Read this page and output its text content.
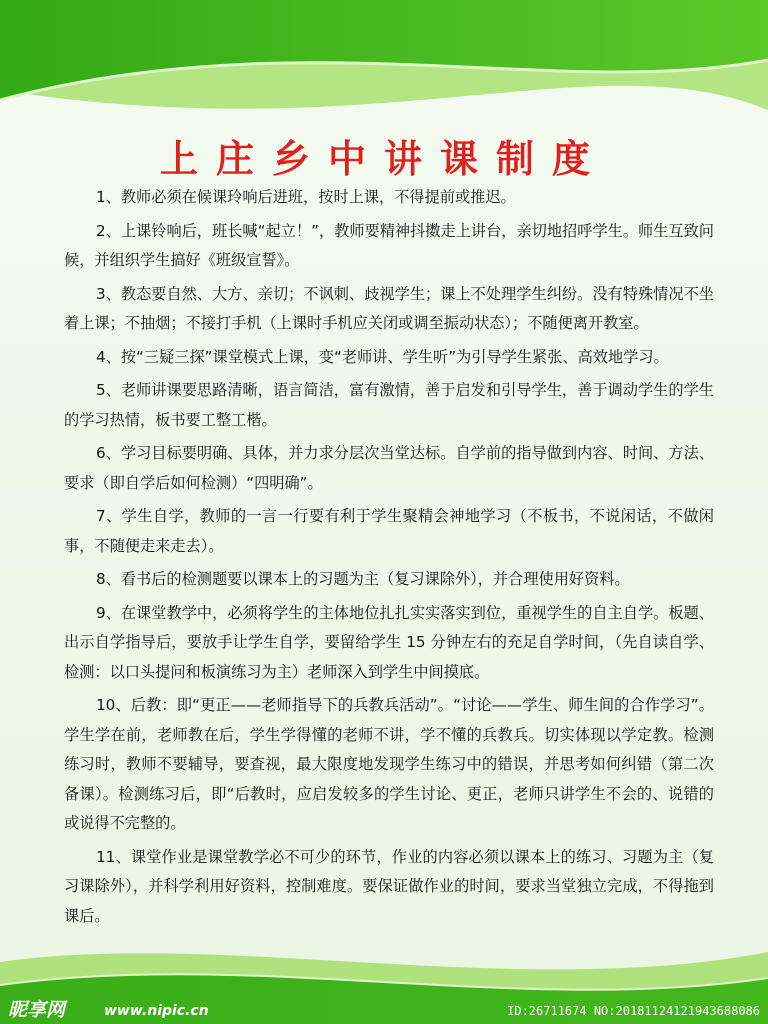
上庄乡中讲课制度

1、教师必须在候课玲响后进班，按时上课，不得提前或推迟。

2、上课铃响后，班长喊“起立！”，教师要精神抖擞走上讲台，亲切地招呼学生。师生互致问候，并组织学生搞好《班级宣誓》。

3、教态要自然、大方、亲切；不讽刺、歧视学生；课上不处理学生纠纷。没有特殊情况不坐着上课；不抽烟；不接打手机（上课时手机应关闭或调至振动状态）；不随便离开教室。

4、按“三疑三探”课堂模式上课，变“老师讲、学生听”为引导学生紧张、高效地学习。

5、老师讲课要思路清晰，语言简洁，富有激情，善于启发和引导学生，善于调动学生的学生的学习热情，板书要工整工楷。

6、学习目标要明确、具体，并力求分层次当堂达标。自学前的指导做到内容、时间、方法、要求（即自学后如何检测）“四明确”。

7、学生自学，教师的一言一行要有利于学生聚精会神地学习（不板书，不说闲话，不做闲事，不随便走来走去）。

8、看书后的检测题要以课本上的习题为主（复习课除外），并合理使用好资料。

9、在课堂教学中，必须将学生的主体地位扎扎实实落实到位，重视学生的自主自学。板题、出示自学指导后，要放手让学生自学，要留给学生 15 分钟左右的充足自学时间，（先自读自学、检测：以口头提问和板演练习为主）老师深入到学生中间摸底。

10、后教：即“更正——老师指导下的兵教兵活动”。“讨论——学生、师生间的合作学习”。学生学在前，老师教在后，学生学得懂的老师不讲，学不懂的兵教兵。切实体现以学定教。检测练习时，教师不要辅导，要查视，最大限度地发现学生练习中的错误，并思考如何纠错（第二次备课）。检测练习后，即“后教时，应启发较多的学生讨论、更正，老师只讲学生不会的、说错的或说得不完整的。

11、课堂作业是课堂教学必不可少的环节，作业的内容必须以课本上的练习、习题为主（复习课除外），并科学利用好资料，控制难度。要保证做作业的时间，要求当堂独立完成，不得拖到课后。

昵享网	www.nipic.cn	ID:26711674 NO:20181124121943688086
